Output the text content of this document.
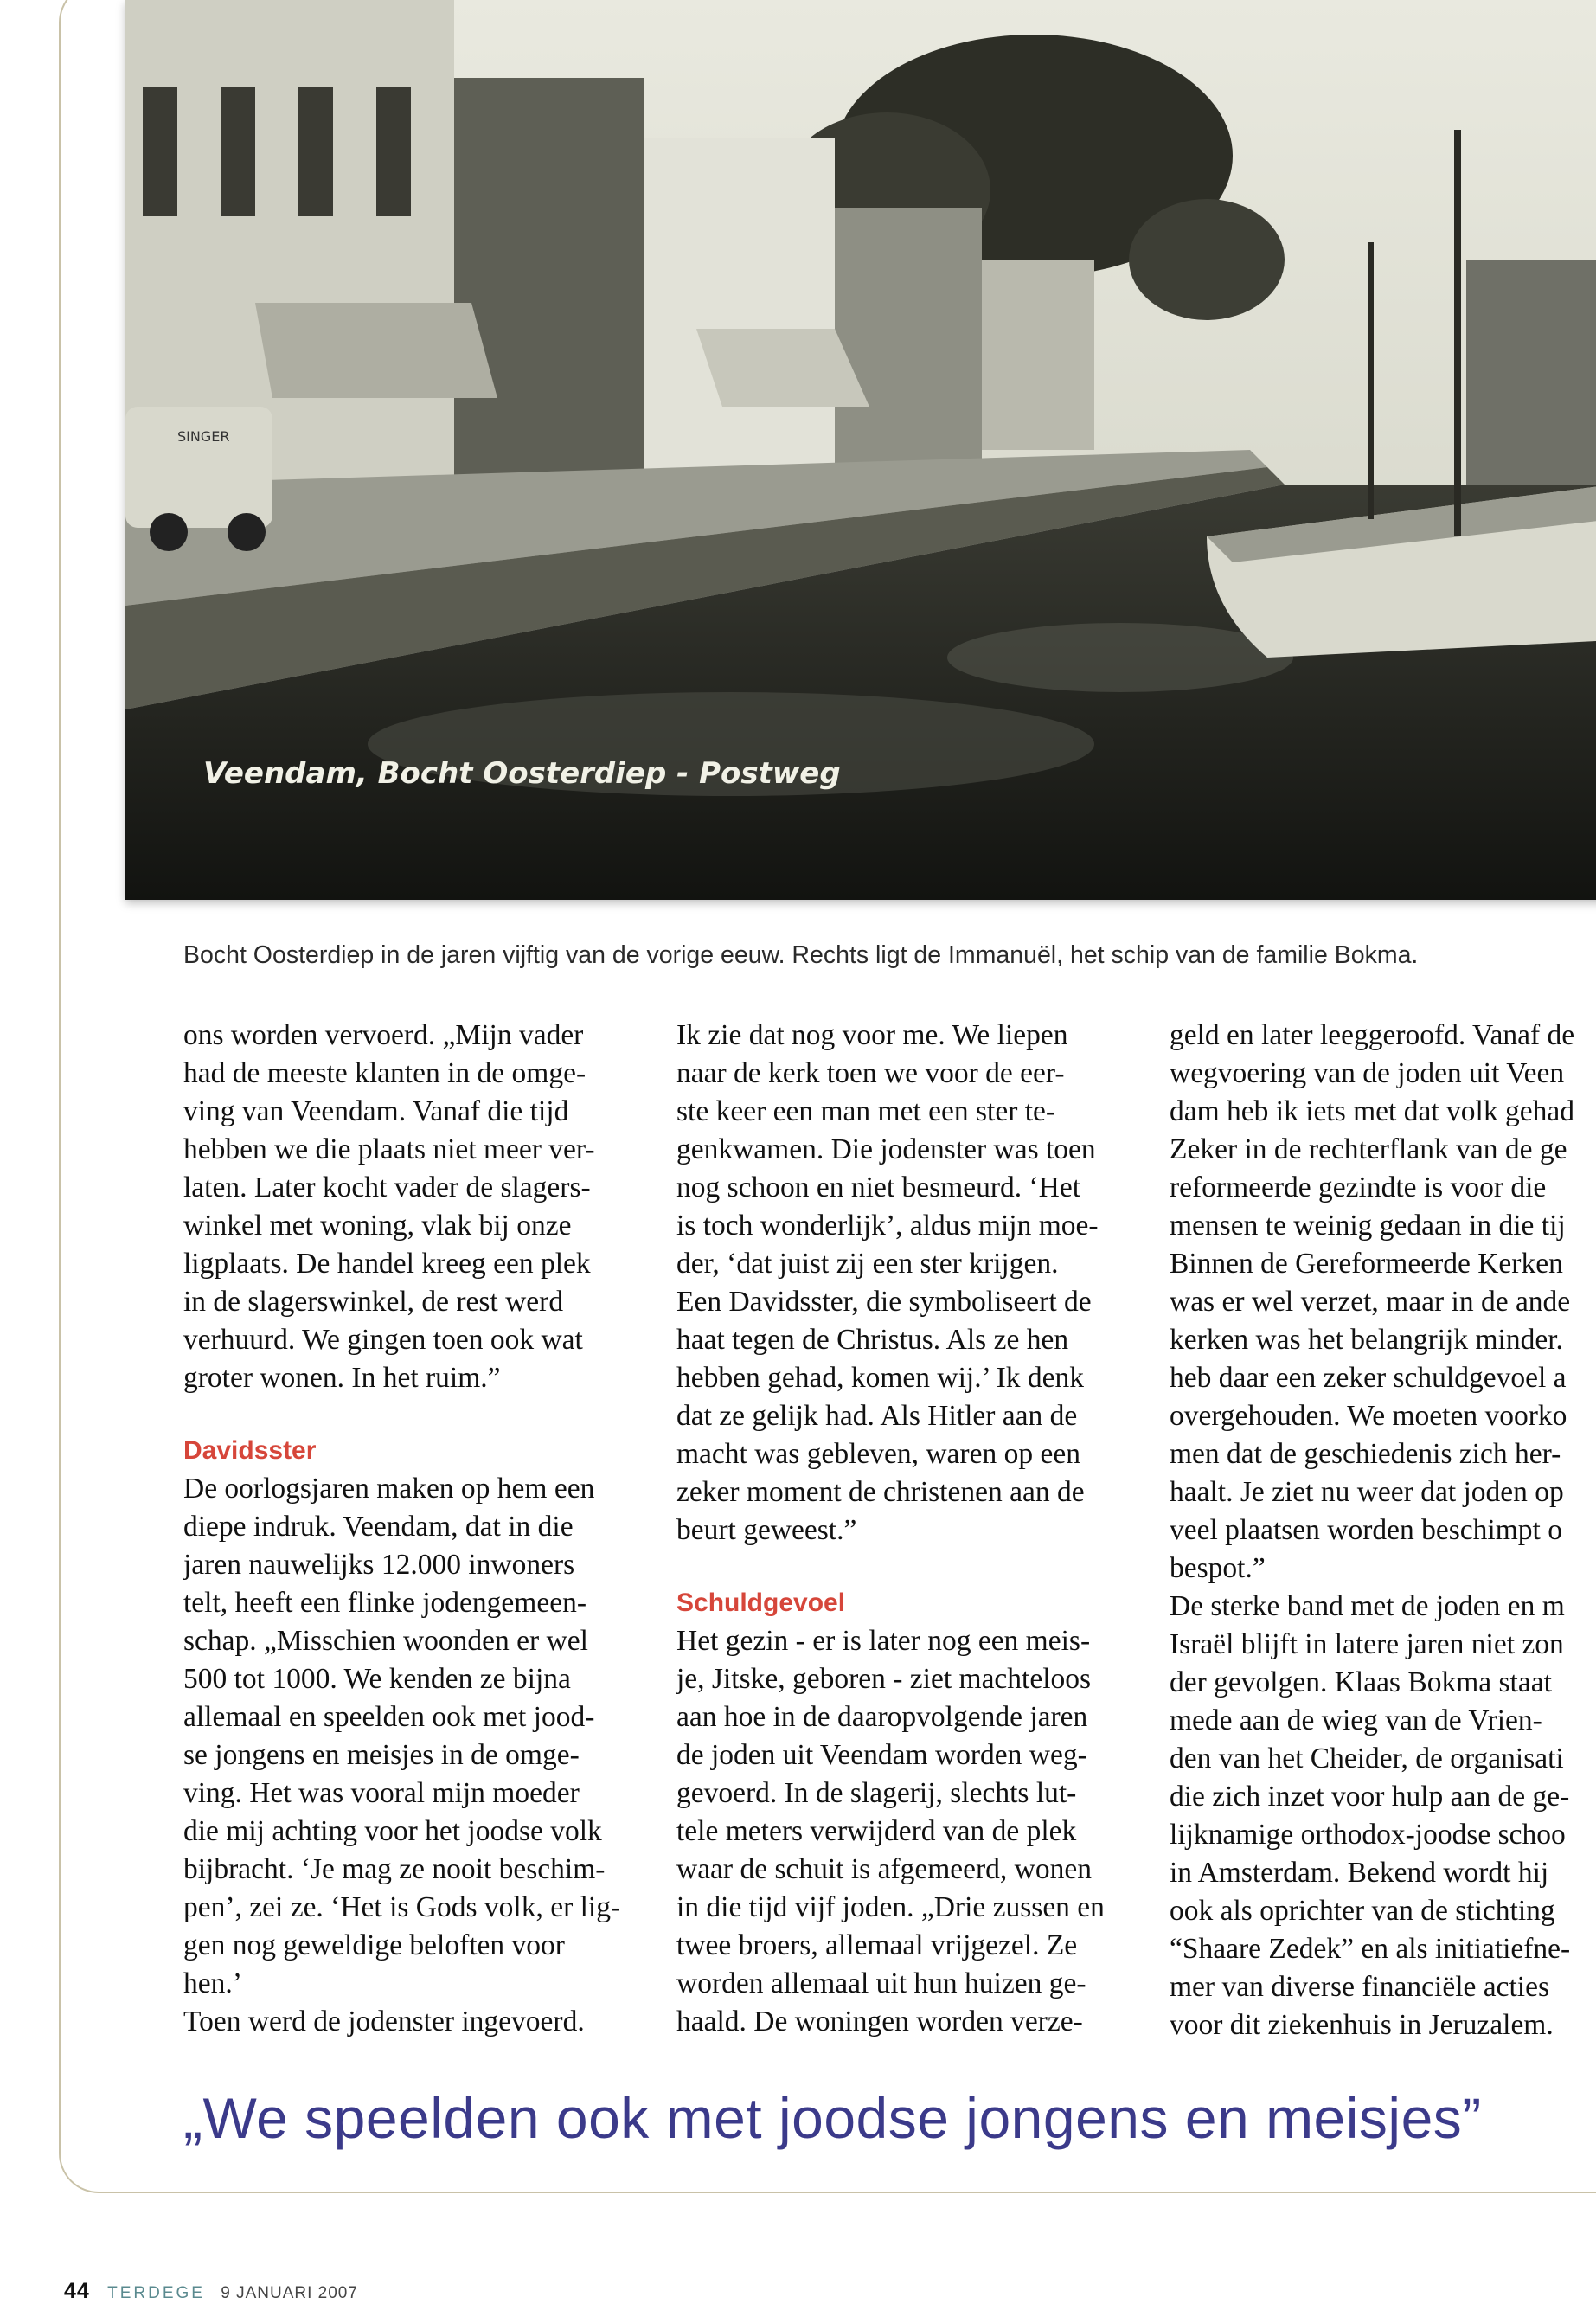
SINGER
Veendam, Bocht Oosterdiep - Postweg
Bocht Oosterdiep in de jaren vijftig van de vorige eeuw. Rechts ligt de Immanuël, het schip van de familie Bokma.

ons worden vervoerd. „Mijn vader
had de meeste klanten in de omge-
ving van Veendam. Vanaf die tijd
hebben we die plaats niet meer ver-
laten. Later kocht vader de slagers-
winkel met woning, vlak bij onze
ligplaats. De handel kreeg een plek
in de slagerswinkel, de rest werd
verhuurd. We gingen toen ook wat
groter wonen. In het ruim.”

Davidsster

De oorlogsjaren maken op hem een
diepe indruk. Veendam, dat in die
jaren nauwelijks 12.000 inwoners
telt, heeft een flinke jodengemeen-
schap. „Misschien woonden er wel
500 tot 1000. We kenden ze bijna
allemaal en speelden ook met jood-
se jongens en meisjes in de omge-
ving. Het was vooral mijn moeder
die mij achting voor het joodse volk
bijbracht. ‘Je mag ze nooit beschim-
pen’, zei ze. ‘Het is Gods volk, er lig-
gen nog geweldige beloften voor
hen.’
Toen werd de jodenster ingevoerd.

Ik zie dat nog voor me. We liepen
naar de kerk toen we voor de eer-
ste keer een man met een ster te-
genkwamen. Die jodenster was toen
nog schoon en niet besmeurd. ‘Het
is toch wonderlijk’, aldus mijn moe-
der, ‘dat juist zij een ster krijgen.
Een Davidsster, die symboliseert de
haat tegen de Christus. Als ze hen
hebben gehad, komen wij.’ Ik denk
dat ze gelijk had. Als Hitler aan de
macht was gebleven, waren op een
zeker moment de christenen aan de
beurt geweest.”

Schuldgevoel

Het gezin - er is later nog een meis-
je, Jitske, geboren - ziet machteloos
aan hoe in de daaropvolgende jaren
de joden uit Veendam worden weg-
gevoerd. In de slagerij, slechts lut-
tele meters verwijderd van de plek
waar de schuit is afgemeerd, wonen
in die tijd vijf joden. „Drie zussen en
twee broers, allemaal vrijgezel. Ze
worden allemaal uit hun huizen ge-
haald. De woningen worden verze-

geld en later leeggeroofd. Vanaf de
wegvoering van de joden uit Veen
dam heb ik iets met dat volk gehad
Zeker in de rechterflank van de ge
reformeerde gezindte is voor die
mensen te weinig gedaan in die tij
Binnen de Gereformeerde Kerken
was er wel verzet, maar in de ande
kerken was het belangrijk minder.
heb daar een zeker schuldgevoel a
overgehouden. We moeten voorko
men dat de geschiedenis zich her-
haalt. Je ziet nu weer dat joden op
veel plaatsen worden beschimpt o
bespot.”
De sterke band met de joden en m
Israël blijft in latere jaren niet zon
der gevolgen. Klaas Bokma staat
mede aan de wieg van de Vrien-
den van het Cheider, de organisati
die zich inzet voor hulp aan de ge-
lijknamige orthodox-joodse schoo
in Amsterdam. Bekend wordt hij
ook als oprichter van de stichting
“Shaare Zedek” en als initiatiefne-
mer van diverse financiële acties
voor dit ziekenhuis in Jeruzalem.

„We speelden ook met joodse jongens en meisjes”
44 TERDEGE 9 JANUARI 2007
